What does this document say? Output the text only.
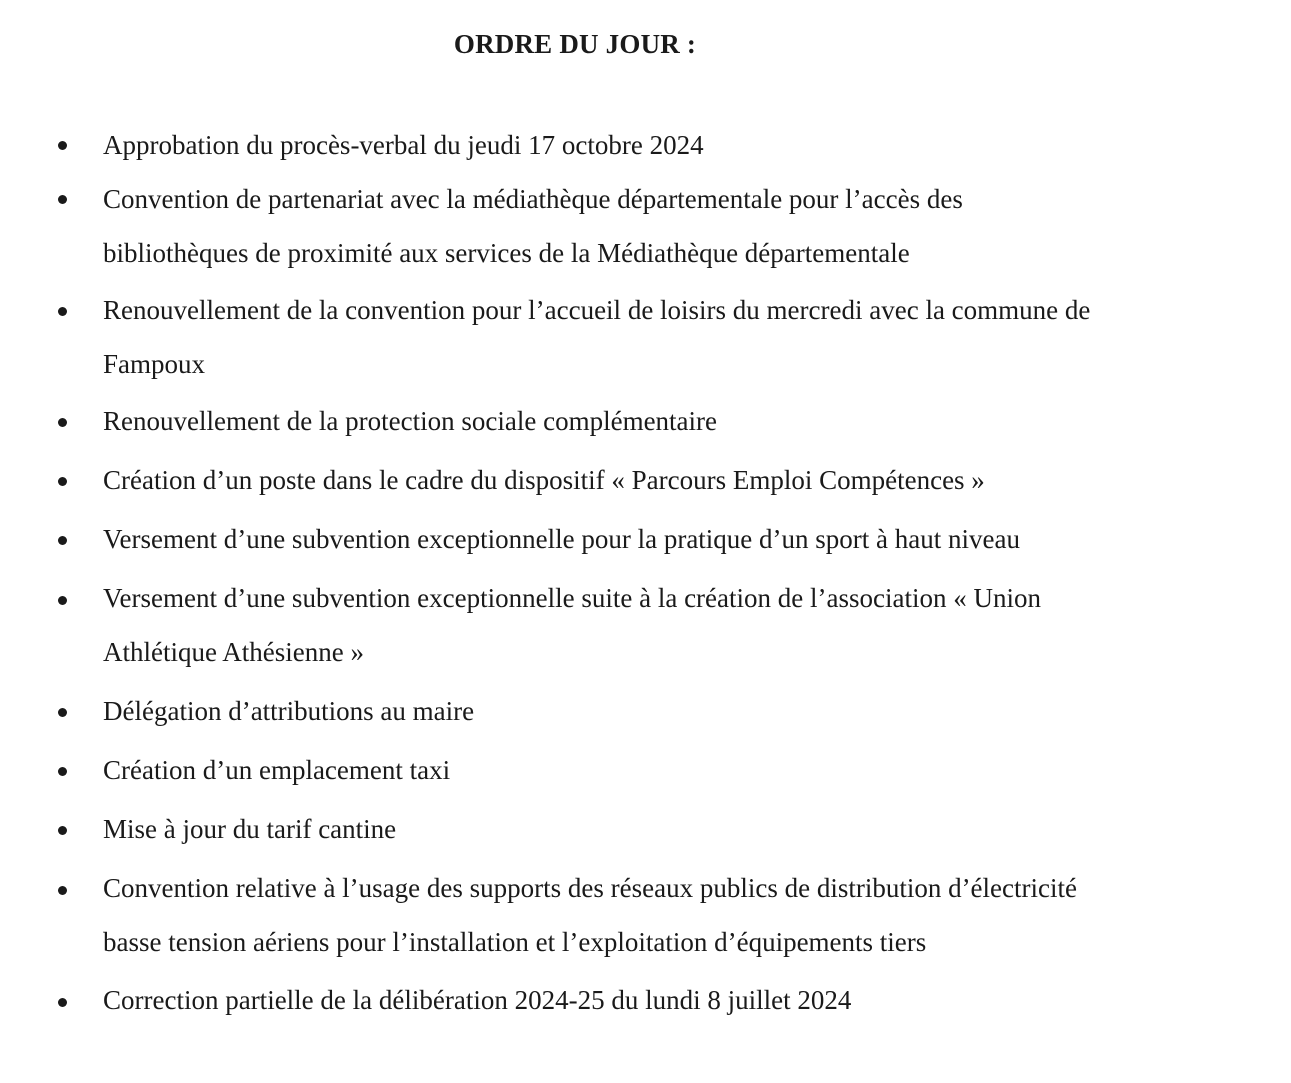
ORDRE DU JOUR :
Approbation du procès-verbal du jeudi 17 octobre 2024
Convention de partenariat avec la médiathèque départementale pour l’accès des
bibliothèques de proximité aux services de la Médiathèque départementale
Renouvellement de la convention pour l’accueil de loisirs du mercredi avec la commune de
Fampoux
Renouvellement de la protection sociale complémentaire
Création d’un poste dans le cadre du dispositif « Parcours Emploi Compétences »
Versement d’une subvention exceptionnelle pour la pratique d’un sport à haut niveau
Versement d’une subvention exceptionnelle suite à la création de l’association « Union
Athlétique Athésienne »
Délégation d’attributions au maire
Création d’un emplacement taxi
Mise à jour du tarif cantine
Convention relative à l’usage des supports des réseaux publics de distribution d’électricité
basse tension aériens pour l’installation et l’exploitation d’équipements tiers
Correction partielle de la délibération 2024-25 du lundi 8 juillet 2024
